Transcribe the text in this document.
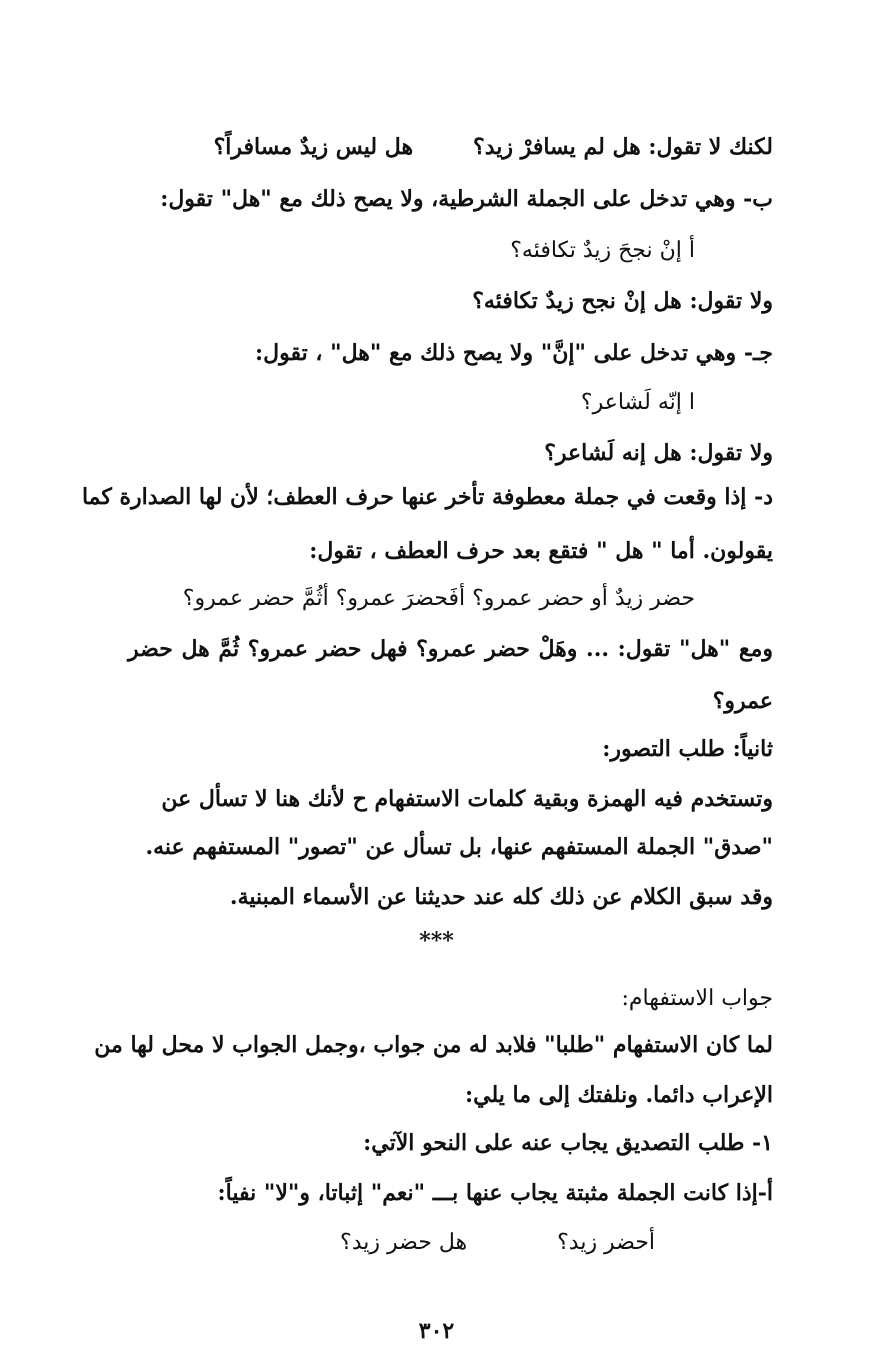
لكنك لا تقول: هل لم يسافرْ زيد؟هل ليس زيدٌ مسافراً؟
ب- وهي تدخل على الجملة الشرطية، ولا يصح ذلك مع "هل" تقول:
أ إنْ نجحَ زيدٌ تكافئه؟
ولا تقول: هل إنْ نجح زيدٌ تكافئه؟
جـ- وهي تدخل على "إنَّ" ولا يصح ذلك مع "هل" ، تقول:
ا إنّه لَشاعر؟
ولا تقول: هل إنه لَشاعر؟
د- إذا وقعت في جملة معطوفة تأخر عنها حرف العطف؛ لأن لها الصدارة كما
يقولون. أما " هل " فتقع بعد حرف العطف ، تقول:
حضر زيدٌ أو حضر عمرو؟ أفَحضرَ عمرو؟ أثُمَّ حضر عمرو؟
ومع "هل" تقول: ... وهَلْ حضر عمرو؟ فهل حضر عمرو؟ ثُمَّ هل حضر
عمرو؟
ثانياً: طلب التصور:
وتستخدم فيه الهمزة وبقية كلمات الاستفهام ح لأنك هنا لا تسأل عن
"صدق" الجملة المستفهم عنها، بل تسأل عن "تصور" المستفهم عنه.
وقد سبق الكلام عن ذلك كله عند حديثنا عن الأسماء المبنية.
***
جواب الاستفهام:
لما كان الاستفهام "طلبا" فلابد له من جواب ،وجمل الجواب لا محل لها من
الإعراب دائما. ونلفتك إلى ما يلي:
١- طلب التصديق يجاب عنه على النحو الآتي:
أ-إذا كانت الجملة مثبتة يجاب عنها بـــ "نعم" إثباتا، و"لا" نفياً:
أحضر زيد؟هل حضر زيد؟
٣٠٢
